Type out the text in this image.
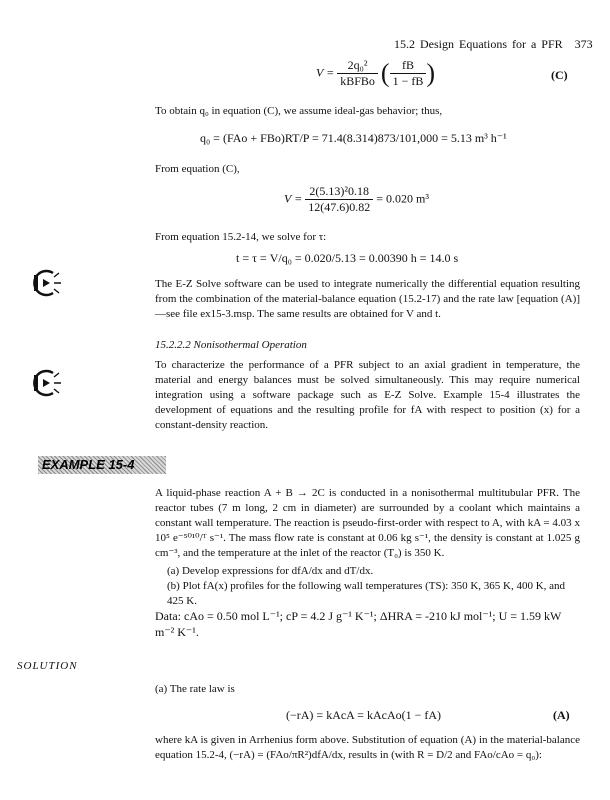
15.2 Design Equations for a PFR 373
$V = \frac{\text{2q₀²}}{\text{kBFBo}}$ ( $\frac{fB}{1 - fB}$ )	(C)
To obtain q₀ in equation (C), we assume ideal-gas behavior; thus,
q₀ = (FAo + FBo)RT/P = 71.4(8.314)873/101,000 = 5.13 m³ h⁻¹
From equation (C),
$V = \frac{\text{2(5.13)²0.18}}{12(47.6)0.82} = 0.020$ m³
From equation 15.2-14, we solve for τ:
t = τ = V/q₀ = 0.020/5.13 = 0.00390 h = 14.0 s
The E-Z Solve software can be used to integrate numerically the differential equation resulting from the combination of the material-balance equation (15.2-17) and the rate law [equation (A)]—see file ex15-3.msp. The same results are obtained for V and t.
15.2.2.2 Nonisothermal Operation
To characterize the performance of a PFR subject to an axial gradient in temperature, the material and energy balances must be solved simultaneously. This may require numerical integration using a software package such as E-Z Solve. Example 15-4 illustrates the development of equations and the resulting profile for fA with respect to position (x) for a constant-density reaction.
EXAMPLE 15-4
A liquid-phase reaction A + B → 2C is conducted in a nonisothermal multitubular PFR. The reactor tubes (7 m long, 2 cm in diameter) are surrounded by a coolant which maintains a constant wall temperature. The reaction is pseudo-first-order with respect to A, with kA = 4.03 x 10⁵ e⁻⁵⁰¹⁰/ᵀ s⁻¹. The mass flow rate is constant at 0.06 kg s⁻¹, the density is constant at 1.025 g cm⁻³, and the temperature at the inlet of the reactor (T₀) is 350 K.
(a) Develop expressions for dfA/dx and dT/dx.
(b) Plot fA(x) profiles for the following wall temperatures (TS): 350 K, 365 K, 400 K, and 425 K.
Data: cAo = 0.50 mol L⁻¹; cP = 4.2 J g⁻¹ K⁻¹; ΔHRA = -210 kJ mol⁻¹; U = 1.59 kW m⁻² K⁻¹.
SOLUTION
(a) The rate law is
(−rA) = kAcA = kAcAo(1 − fA)	(A)
where kA is given in Arrhenius form above. Substitution of equation (A) in the material-balance equation 15.2-4, (−rA) = (FAo/πR²)dfA/dx, results in (with R = D/2 and FAo/cAo = q₀):
